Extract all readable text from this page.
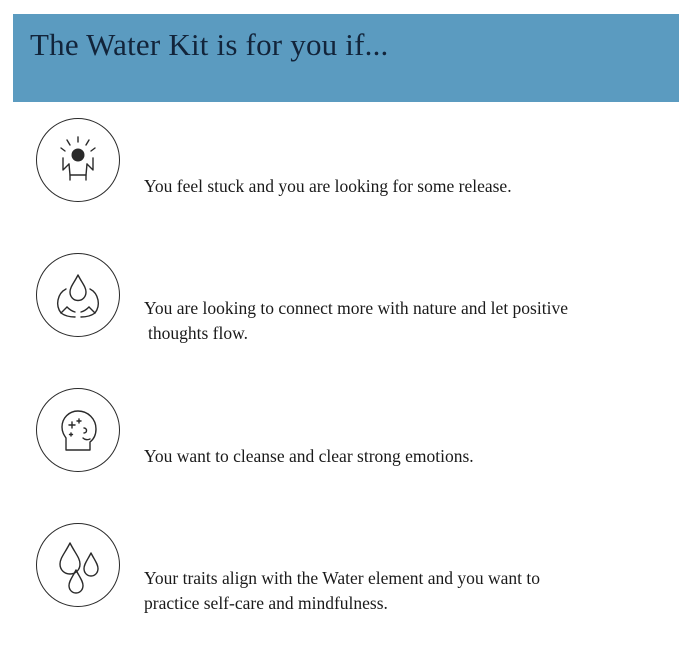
The Water Kit is for you if...
You feel stuck and you are looking for some release.
You are looking to connect more with nature and let positive
thoughts flow.
You want to cleanse and clear strong emotions.
Your traits align with the Water element and you want to
practice self-care and mindfulness.
